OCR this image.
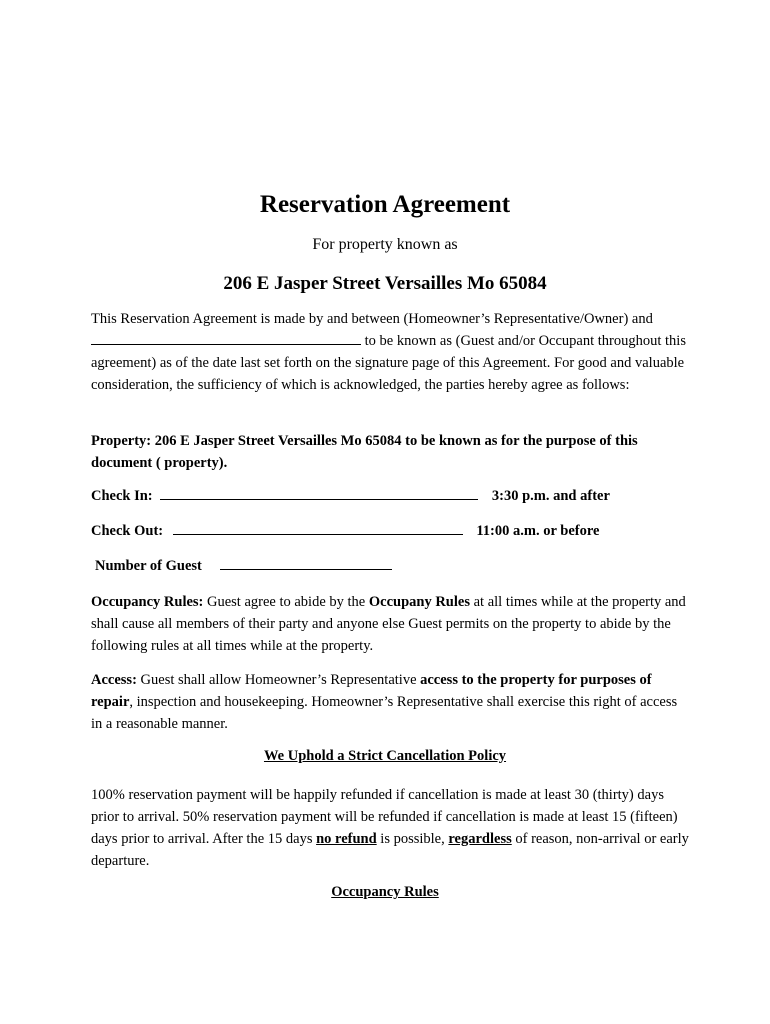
Reservation Agreement
For property known as
206 E Jasper Street Versailles Mo 65084
This Reservation Agreement is made by and between (Homeowner’s Representative/Owner) and  to be known as (Guest and/or Occupant throughout this agreement) as of the date last set forth on the signature page of this Agreement. For good and valuable consideration, the sufficiency of which is acknowledged, the parties hereby agree as follows:
Property: 206 E Jasper Street Versailles Mo 65084 to be known as for the purpose of this document ( property).
Check In:	3:30 p.m. and after
Check Out:	11:00 a.m. or before
Number of Guest
Occupancy Rules: Guest agree to abide by the Occupany Rules at all times while at the property and shall cause all members of their party and anyone else Guest permits on the property to abide by the following rules at all times while at the property.
Access: Guest shall allow Homeowner’s Representative access to the property for purposes of repair, inspection and housekeeping. Homeowner’s Representative shall exercise this right of access in a reasonable manner.
We Uphold a Strict Cancellation Policy
100% reservation payment will be happily refunded if cancellation is made at least 30 (thirty) days prior to arrival. 50% reservation payment will be refunded if cancellation is made at least 15 (fifteen) days prior to arrival. After the 15 days no refund is possible, regardless of reason, non-arrival or early departure.
Occupancy Rules
